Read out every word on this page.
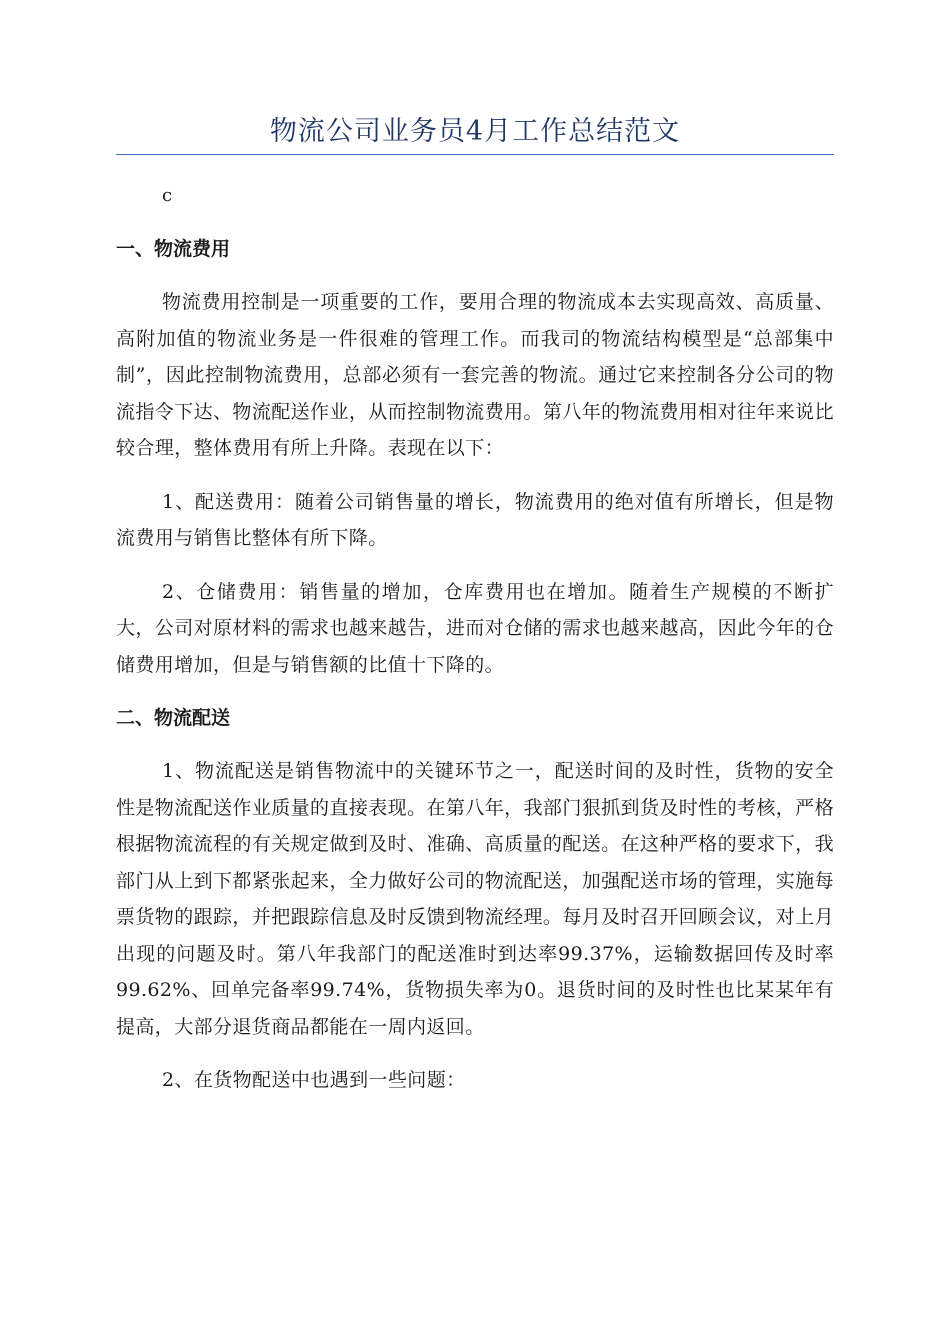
物流公司业务员4月工作总结范文

c

一、物流费用

物流费用控制是一项重要的工作，要用合理的物流成本去实现高效、高质量、高附加值的物流业务是一件很难的管理工作。而我司的物流结构模型是“总部集中制”，因此控制物流费用，总部必须有一套完善的物流。通过它来控制各分公司的物流指令下达、物流配送作业，从而控制物流费用。第八年的物流费用相对往年来说比较合理，整体费用有所上升降。表现在以下：

1、配送费用：随着公司销售量的增长，物流费用的绝对值有所增长，但是物流费用与销售比整体有所下降。

2、仓储费用：销售量的增加，仓库费用也在增加。随着生产规模的不断扩大，公司对原材料的需求也越来越告，进而对仓储的需求也越来越高，因此今年的仓储费用增加，但是与销售额的比值十下降的。

二、物流配送

1、物流配送是销售物流中的关键环节之一，配送时间的及时性，货物的安全性是物流配送作业质量的直接表现。在第八年，我部门狠抓到货及时性的考核，严格根据物流流程的有关规定做到及时、准确、高质量的配送。在这种严格的要求下，我部门从上到下都紧张起来，全力做好公司的物流配送，加强配送市场的管理，实施每票货物的跟踪，并把跟踪信息及时反馈到物流经理。每月及时召开回顾会议，对上月出现的问题及时。第八年我部门的配送准时到达率99.37%，运输数据回传及时率99.62%、回单完备率99.74%，货物损失率为0。退货时间的及时性也比某某年有提高，大部分退货商品都能在一周内返回。

2、在货物配送中也遇到一些问题：
